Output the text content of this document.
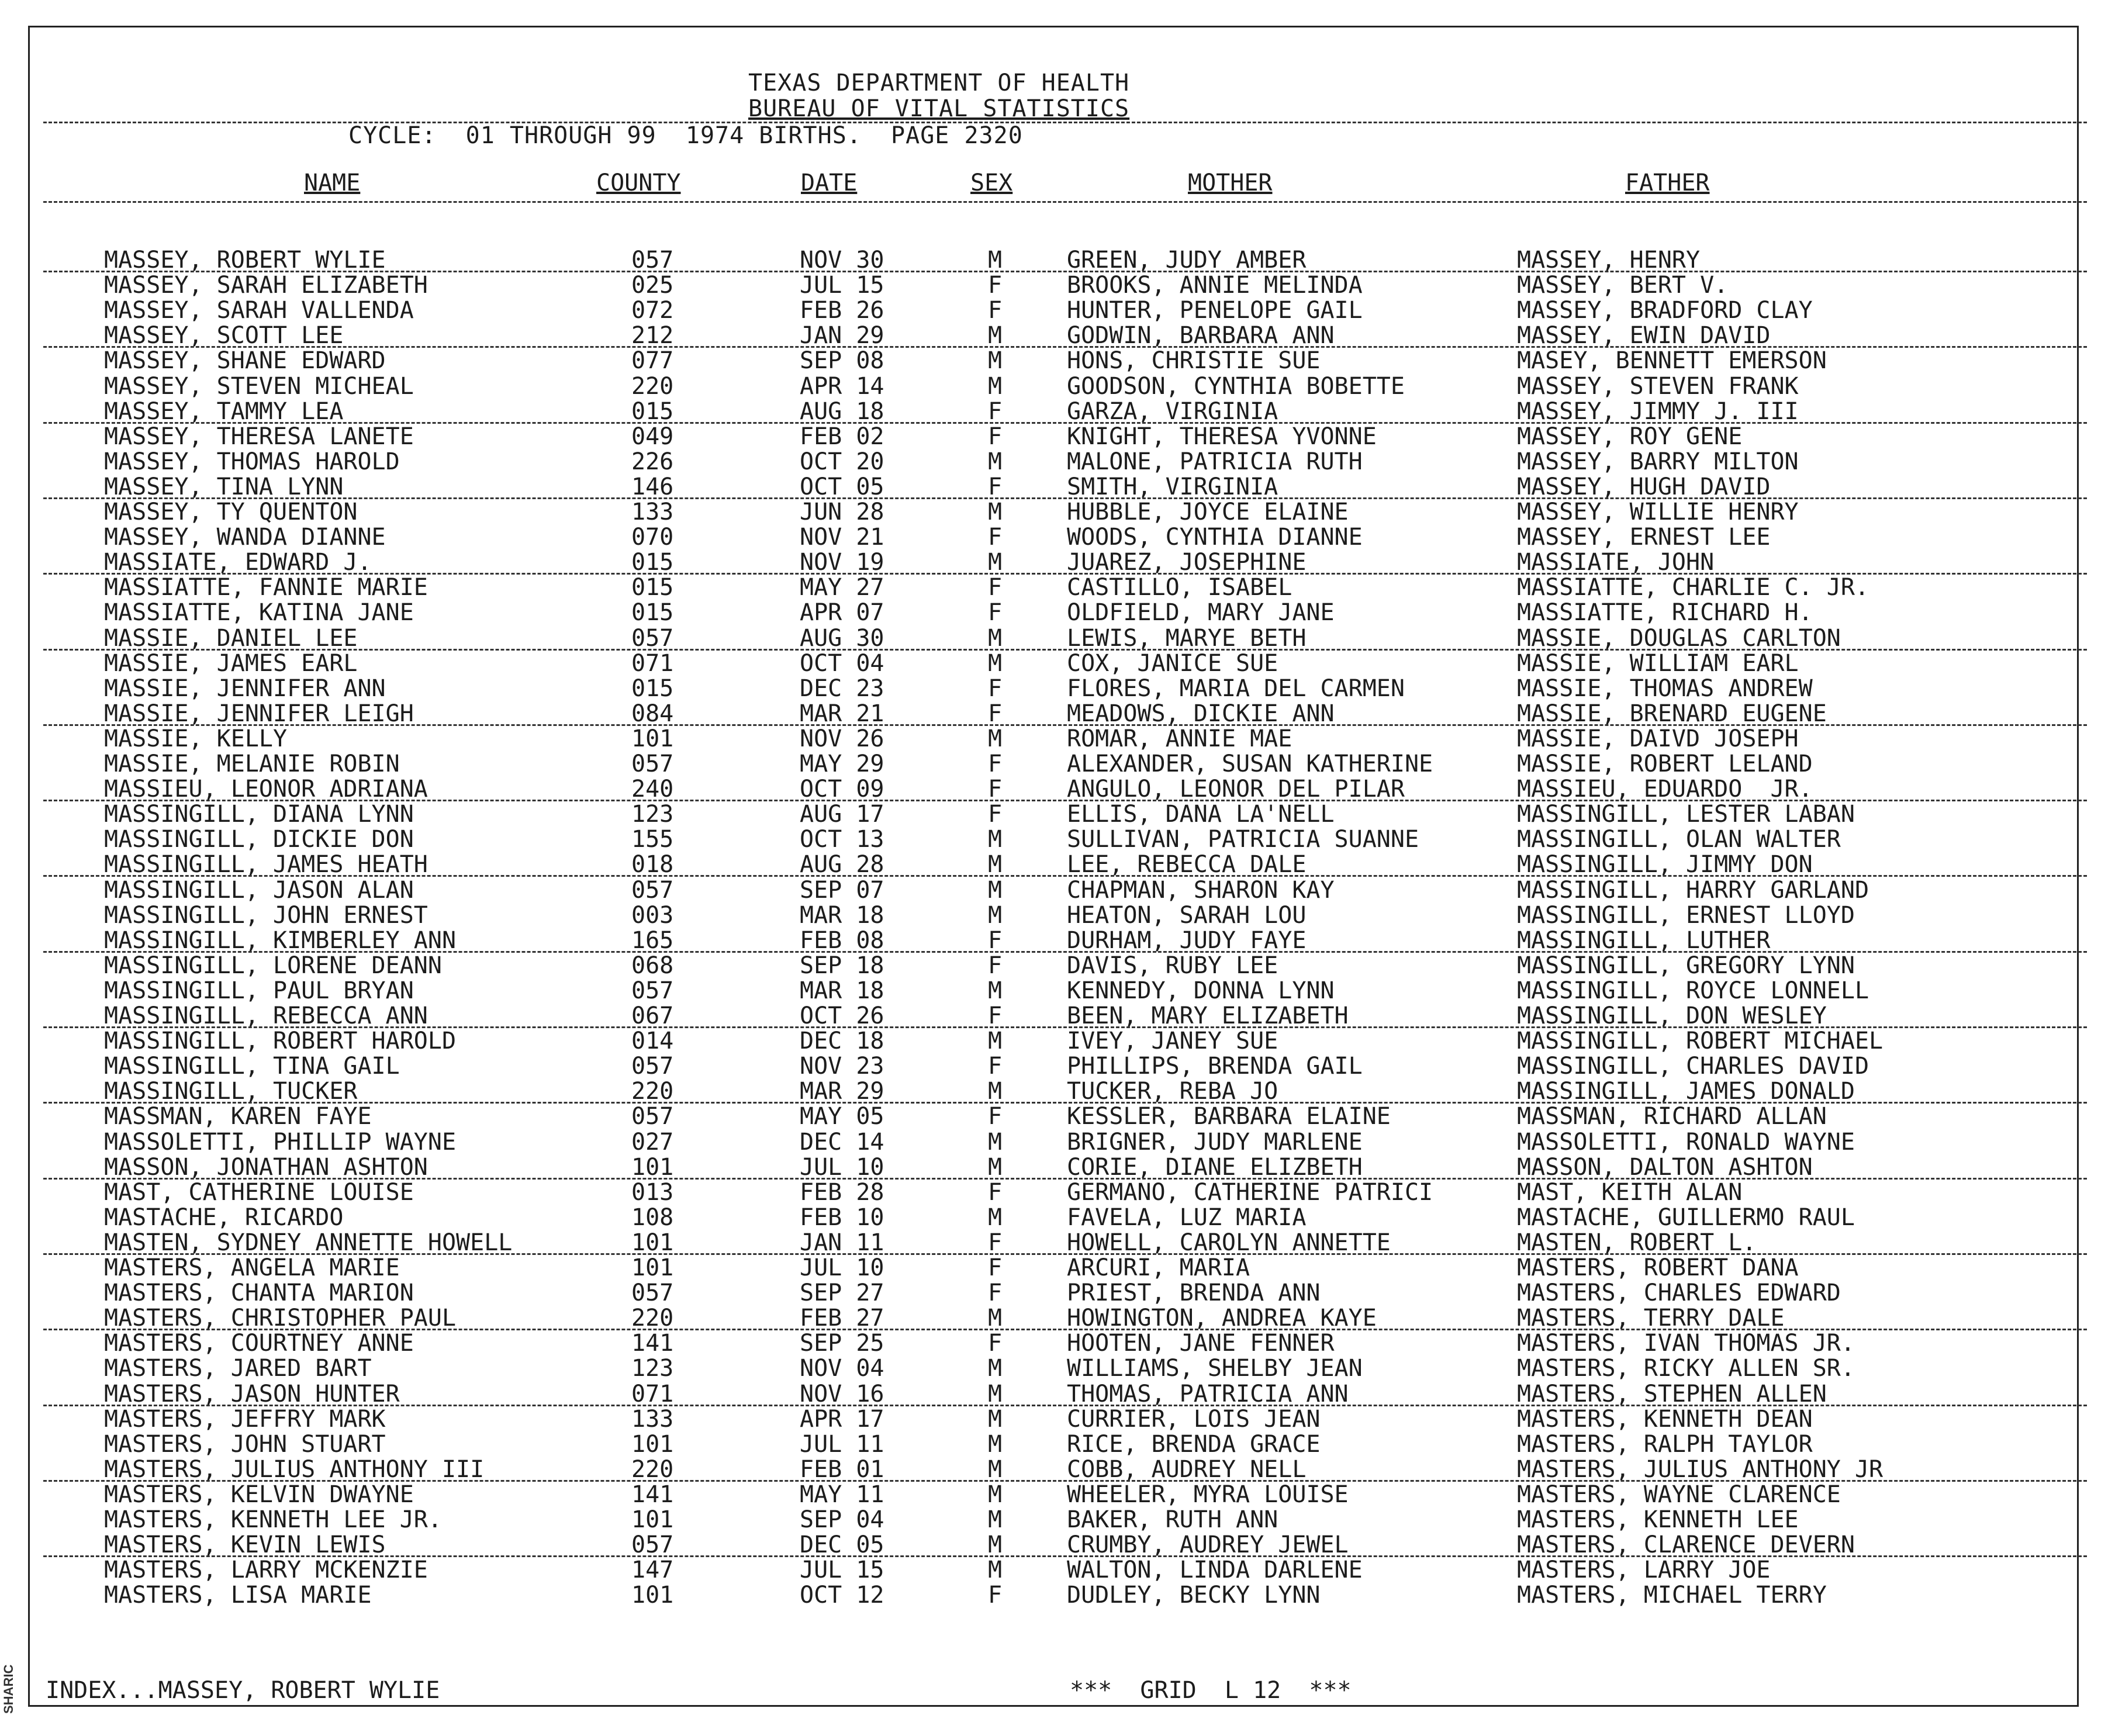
SHARIC
TEXAS DEPARTMENT OF HEALTH
BUREAU OF VITAL STATISTICS
CYCLE:  01 THROUGH 99  1974 BIRTHS.  PAGE 2320
NAME	COUNTY	DATE	SEX	MOTHER	FATHER
MASSEY, ROBERT WYLIE	057	NOV 30	M	GREEN, JUDY AMBER	MASSEY, HENRY
MASSEY, SARAH ELIZABETH	025	JUL 15	F	BROOKS, ANNIE MELINDA	MASSEY, BERT V.
MASSEY, SARAH VALLENDA	072	FEB 26	F	HUNTER, PENELOPE GAIL	MASSEY, BRADFORD CLAY
MASSEY, SCOTT LEE	212	JAN 29	M	GODWIN, BARBARA ANN	MASSEY, EWIN DAVID
MASSEY, SHANE EDWARD	077	SEP 08	M	HONS, CHRISTIE SUE	MASEY, BENNETT EMERSON
MASSEY, STEVEN MICHEAL	220	APR 14	M	GOODSON, CYNTHIA BOBETTE	MASSEY, STEVEN FRANK
MASSEY, TAMMY LEA	015	AUG 18	F	GARZA, VIRGINIA	MASSEY, JIMMY J. III
MASSEY, THERESA LANETE	049	FEB 02	F	KNIGHT, THERESA YVONNE	MASSEY, ROY GENE
MASSEY, THOMAS HAROLD	226	OCT 20	M	MALONE, PATRICIA RUTH	MASSEY, BARRY MILTON
MASSEY, TINA LYNN	146	OCT 05	F	SMITH, VIRGINIA	MASSEY, HUGH DAVID
MASSEY, TY QUENTON	133	JUN 28	M	HUBBLE, JOYCE ELAINE	MASSEY, WILLIE HENRY
MASSEY, WANDA DIANNE	070	NOV 21	F	WOODS, CYNTHIA DIANNE	MASSEY, ERNEST LEE
MASSIATE, EDWARD J.	015	NOV 19	M	JUAREZ, JOSEPHINE	MASSIATE, JOHN
MASSIATTE, FANNIE MARIE	015	MAY 27	F	CASTILLO, ISABEL	MASSIATTE, CHARLIE C. JR.
MASSIATTE, KATINA JANE	015	APR 07	F	OLDFIELD, MARY JANE	MASSIATTE, RICHARD H.
MASSIE, DANIEL LEE	057	AUG 30	M	LEWIS, MARYE BETH	MASSIE, DOUGLAS CARLTON
MASSIE, JAMES EARL	071	OCT 04	M	COX, JANICE SUE	MASSIE, WILLIAM EARL
MASSIE, JENNIFER ANN	015	DEC 23	F	FLORES, MARIA DEL CARMEN	MASSIE, THOMAS ANDREW
MASSIE, JENNIFER LEIGH	084	MAR 21	F	MEADOWS, DICKIE ANN	MASSIE, BRENARD EUGENE
MASSIE, KELLY	101	NOV 26	M	ROMAR, ANNIE MAE	MASSIE, DAIVD JOSEPH
MASSIE, MELANIE ROBIN	057	MAY 29	F	ALEXANDER, SUSAN KATHERINE	MASSIE, ROBERT LELAND
MASSIEU, LEONOR ADRIANA	240	OCT 09	F	ANGULO, LEONOR DEL PILAR	MASSIEU, EDUARDO  JR.
MASSINGILL, DIANA LYNN	123	AUG 17	F	ELLIS, DANA LA'NELL	MASSINGILL, LESTER LABAN
MASSINGILL, DICKIE DON	155	OCT 13	M	SULLIVAN, PATRICIA SUANNE	MASSINGILL, OLAN WALTER
MASSINGILL, JAMES HEATH	018	AUG 28	M	LEE, REBECCA DALE	MASSINGILL, JIMMY DON
MASSINGILL, JASON ALAN	057	SEP 07	M	CHAPMAN, SHARON KAY	MASSINGILL, HARRY GARLAND
MASSINGILL, JOHN ERNEST	003	MAR 18	M	HEATON, SARAH LOU	MASSINGILL, ERNEST LLOYD
MASSINGILL, KIMBERLEY ANN	165	FEB 08	F	DURHAM, JUDY FAYE	MASSINGILL, LUTHER
MASSINGILL, LORENE DEANN	068	SEP 18	F	DAVIS, RUBY LEE	MASSINGILL, GREGORY LYNN
MASSINGILL, PAUL BRYAN	057	MAR 18	M	KENNEDY, DONNA LYNN	MASSINGILL, ROYCE LONNELL
MASSINGILL, REBECCA ANN	067	OCT 26	F	BEEN, MARY ELIZABETH	MASSINGILL, DON WESLEY
MASSINGILL, ROBERT HAROLD	014	DEC 18	M	IVEY, JANEY SUE	MASSINGILL, ROBERT MICHAEL
MASSINGILL, TINA GAIL	057	NOV 23	F	PHILLIPS, BRENDA GAIL	MASSINGILL, CHARLES DAVID
MASSINGILL, TUCKER	220	MAR 29	M	TUCKER, REBA JO	MASSINGILL, JAMES DONALD
MASSMAN, KAREN FAYE	057	MAY 05	F	KESSLER, BARBARA ELAINE	MASSMAN, RICHARD ALLAN
MASSOLETTI, PHILLIP WAYNE	027	DEC 14	M	BRIGNER, JUDY MARLENE	MASSOLETTI, RONALD WAYNE
MASSON, JONATHAN ASHTON	101	JUL 10	M	CORIE, DIANE ELIZBETH	MASSON, DALTON ASHTON
MAST, CATHERINE LOUISE	013	FEB 28	F	GERMANO, CATHERINE PATRICI	MAST, KEITH ALAN
MASTACHE, RICARDO	108	FEB 10	M	FAVELA, LUZ MARIA	MASTACHE, GUILLERMO RAUL
MASTEN, SYDNEY ANNETTE HOWELL	101	JAN 11	F	HOWELL, CAROLYN ANNETTE	MASTEN, ROBERT L.
MASTERS, ANGELA MARIE	101	JUL 10	F	ARCURI, MARIA	MASTERS, ROBERT DANA
MASTERS, CHANTA MARION	057	SEP 27	F	PRIEST, BRENDA ANN	MASTERS, CHARLES EDWARD
MASTERS, CHRISTOPHER PAUL	220	FEB 27	M	HOWINGTON, ANDREA KAYE	MASTERS, TERRY DALE
MASTERS, COURTNEY ANNE	141	SEP 25	F	HOOTEN, JANE FENNER	MASTERS, IVAN THOMAS JR.
MASTERS, JARED BART	123	NOV 04	M	WILLIAMS, SHELBY JEAN	MASTERS, RICKY ALLEN SR.
MASTERS, JASON HUNTER	071	NOV 16	M	THOMAS, PATRICIA ANN	MASTERS, STEPHEN ALLEN
MASTERS, JEFFRY MARK	133	APR 17	M	CURRIER, LOIS JEAN	MASTERS, KENNETH DEAN
MASTERS, JOHN STUART	101	JUL 11	M	RICE, BRENDA GRACE	MASTERS, RALPH TAYLOR
MASTERS, JULIUS ANTHONY III	220	FEB 01	M	COBB, AUDREY NELL	MASTERS, JULIUS ANTHONY JR
MASTERS, KELVIN DWAYNE	141	MAY 11	M	WHEELER, MYRA LOUISE	MASTERS, WAYNE CLARENCE
MASTERS, KENNETH LEE JR.	101	SEP 04	M	BAKER, RUTH ANN	MASTERS, KENNETH LEE
MASTERS, KEVIN LEWIS	057	DEC 05	M	CRUMBY, AUDREY JEWEL	MASTERS, CLARENCE DEVERN
MASTERS, LARRY MCKENZIE	147	JUL 15	M	WALTON, LINDA DARLENE	MASTERS, LARRY JOE
MASTERS, LISA MARIE	101	OCT 12	F	DUDLEY, BECKY LYNN	MASTERS, MICHAEL TERRY
INDEX...MASSEY, ROBERT WYLIE	***  GRID  L 12  ***
